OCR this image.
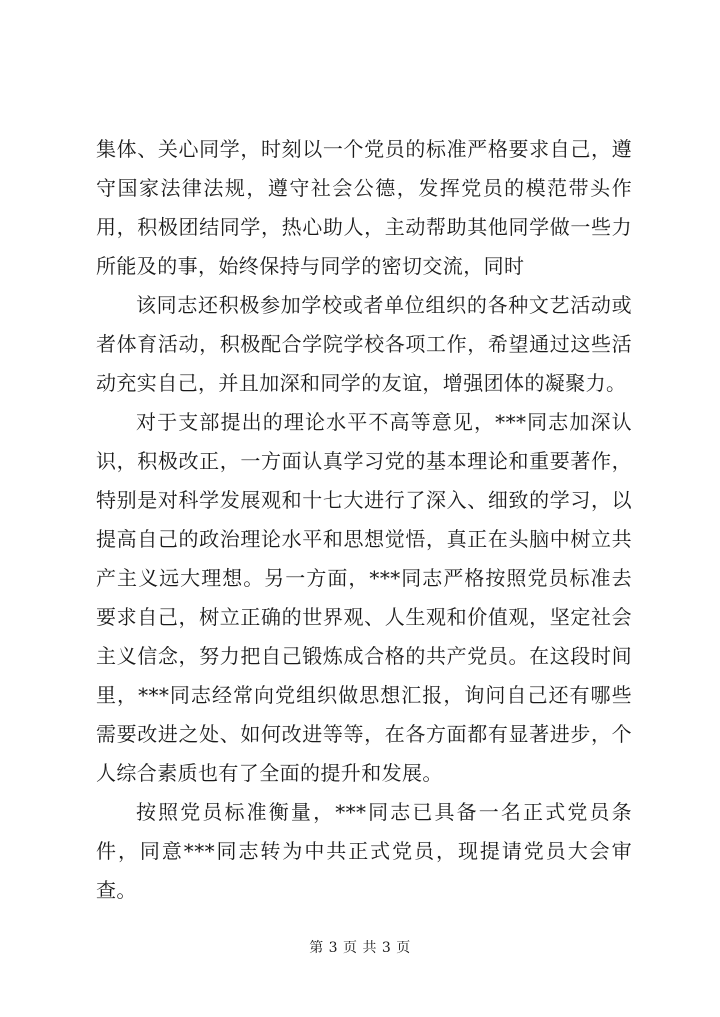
集体、关心同学，时刻以一个党员的标准严格要求自己，遵守国家法律法规，遵守社会公德，发挥党员的模范带头作用，积极团结同学，热心助人，主动帮助其他同学做一些力所能及的事，始终保持与同学的密切交流，同时

该同志还积极参加学校或者单位组织的各种文艺活动或者体育活动，积极配合学院学校各项工作，希望通过这些活动充实自己，并且加深和同学的友谊，增强团体的凝聚力。

对于支部提出的理论水平不高等意见，***同志加深认识，积极改正，一方面认真学习党的基本理论和重要著作，特别是对科学发展观和十七大进行了深入、细致的学习，以提高自己的政治理论水平和思想觉悟，真正在头脑中树立共产主义远大理想。另一方面，***同志严格按照党员标准去要求自己，树立正确的世界观、人生观和价值观，坚定社会主义信念，努力把自己锻炼成合格的共产党员。在这段时间里，***同志经常向党组织做思想汇报，询问自己还有哪些需要改进之处、如何改进等等，在各方面都有显著进步，个人综合素质也有了全面的提升和发展。

按照党员标准衡量，***同志已具备一名正式党员条件，同意***同志转为中共正式党员，现提请党员大会审查。

第 3 页 共 3 页
